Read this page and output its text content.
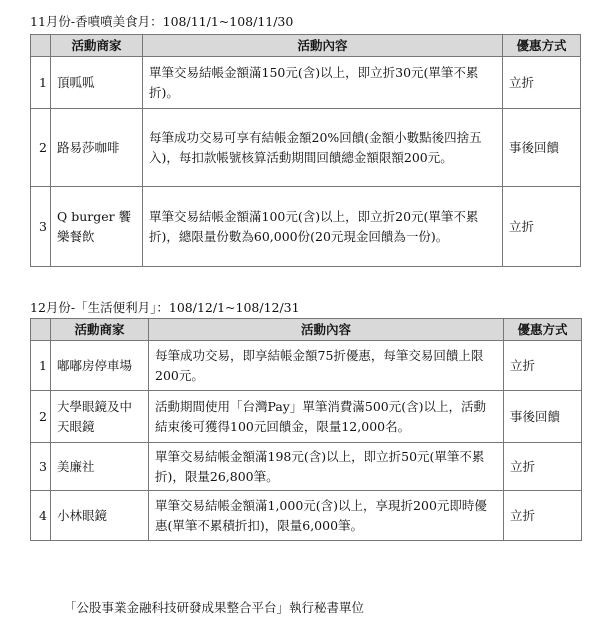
11月份-香噴噴美食月：108/11/1~108/11/30
	活動商家	活動內容	優惠方式
1	頂呱呱	單筆交易結帳金額滿150元(含)以上，即立折30元(單筆不累折)。	立折
2	路易莎咖啡	每筆成功交易可享有結帳金額20%回饋(金額小數點後四捨五入)，每扣款帳號核算活動期間回饋總金額限額200元。	事後回饋
3	Q burger 饗樂餐飲	單筆交易結帳金額滿100元(含)以上，即立折20元(單筆不累折)，總限量份數為60,000份(20元現金回饋為一份)。	立折
12月份-「生活便利月」：108/12/1~108/12/31
	活動商家	活動內容	優惠方式
1	嘟嘟房停車場	每筆成功交易，即享結帳金額75折優惠，每筆交易回饋上限200元。	立折
2	大學眼鏡及中天眼鏡	活動期間使用「台灣Pay」單筆消費滿500元(含)以上，活動結束後可獲得100元回饋金，限量12,000名。	事後回饋
3	美廉社	單筆交易結帳金額滿198元(含)以上，即立折50元(單筆不累折)，限量26,800筆。	立折
4	小林眼鏡	單筆交易結帳金額滿1,000元(含)以上，享現折200元即時優惠(單筆不累積折扣)，限量6,000筆。	立折
「公股事業金融科技研發成果整合平台」執行秘書單位
